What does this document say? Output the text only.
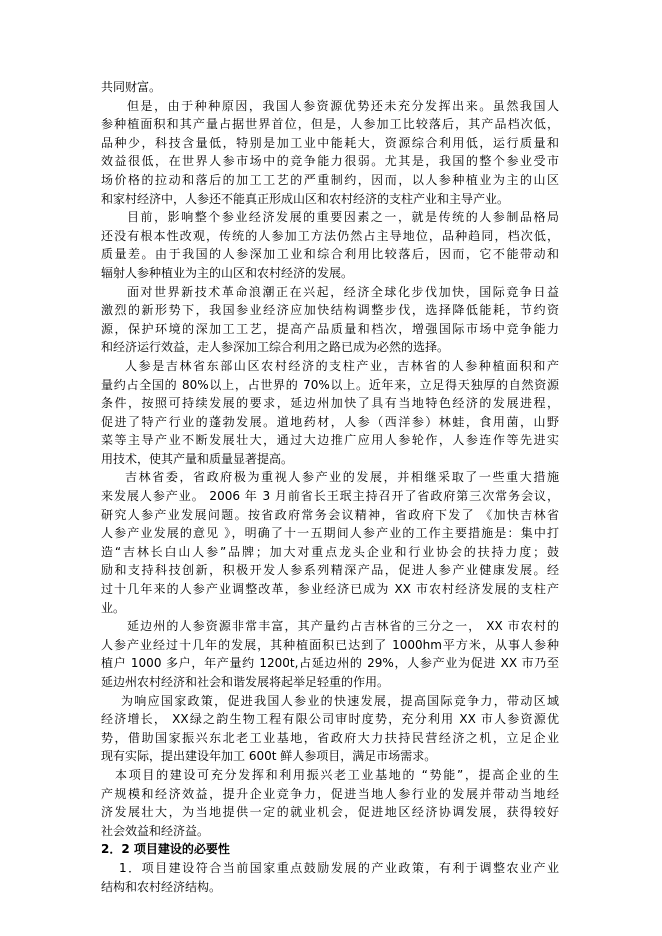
共同财富。
但是，由于种种原因，我国人参资源优势还未充分发挥出来。虽然我国人
参种植面积和其产量占据世界首位，但是，人参加工比较落后，其产品档次低，
品种少，科技含量低，特别是加工业中能耗大，资源综合利用低，运行质量和
效益很低，在世界人参市场中的竞争能力很弱。尤其是，我国的整个参业受市
场价格的拉动和落后的加工工艺的严重制约，因而，以人参种植业为主的山区
和家村经济中，人参还不能真正形成山区和农村经济的支柱产业和主导产业。
目前，影响整个参业经济发展的重要因素之一，就是传统的人参制品格局
还没有根本性改观，传统的人参加工方法仍然占主导地位，品种趋同，档次低，
质量差。由于我国的人参深加工业和综合利用比较落后，因而，它不能带动和
辐射人参种植业为主的山区和农村经济的发展。
面对世界新技术革命浪潮正在兴起，经济全球化步伐加快，国际竞争日益
激烈的新形势下，我国参业经济应加快结构调整步伐，选择降低能耗，节约资
源，保护环境的深加工工艺，提高产品质量和档次，增强国际市场中竞争能力
和经济运行效益，走人参深加工综合利用之路已成为必然的选择。
人参是吉林省东部山区农村经济的支柱产业，吉林省的人参种植面积和产
量约占全国的 80%以上，占世界的 70%以上。近年来，立足得天独厚的自然资源
条件，按照可持续发展的要求，延边州加快了具有当地特色经济的发展进程，
促进了特产行业的蓬勃发展。道地药材，人参（西洋参）林蛙，食用菌，山野
菜等主导产业不断发展壮大，通过大边推广应用人参轮作，人参连作等先进实
用技术，使其产量和质量显著提高。
吉林省委，省政府极为重视人参产业的发展，并相继采取了一些重大措施
来发展人参产业。 2006 年 3 月前省长王珉主持召开了省政府第三次常务会议，
研究人参产业发展问题。按省政府常务会议精神，省政府下发了 《加快吉林省
人参产业发展的意见 》，明确了十一五期间人参产业的工作主要措施是：集中打
造“吉林长白山人参”品牌；加大对重点龙头企业和行业协会的扶持力度；鼓
励和支持科技创新，积极开发人参系列精深产品，促进人参产业健康发展。经
过十几年来的人参产业调整改革，参业经济已成为 XX 市农村经济发展的支柱产
业。
延边州的人参资源非常丰富，其产量约占吉林省的三分之一， XX 市农村的
人参产业经过十几年的发展，其种植面积已达到了 1000hm平方米，从事人参种
植户 1000 多户，年产量约 1200t,占延边州的 29%，人参产业为促进 XX 市乃至
延边州农村经济和社会和谐发展将起举足轻重的作用。
为响应国家政策，促进我国人参业的快速发展，提高国际竞争力，带动区域
经济增长， XX绿之韵生物工程有限公司审时度势，充分利用 XX 市人参资源优
势，借助国家振兴东北老工业基地，省政府大力扶持民营经济之机，立足企业
现有实际，提出建设年加工 600t 鲜人参项目，满足市场需求。
本项目的建设可充分发挥和利用振兴老工业基地的 “势能”，提高企业的生
产规模和经济效益，提升企业竞争力，促进当地人参行业的发展并带动当地经
济发展壮大，为当地提供一定的就业机会，促进地区经济协调发展，获得较好
社会效益和经济益。
2．2 项目建设的必要性
1．项目建设符合当前国家重点鼓励发展的产业政策，有利于调整农业产业
结构和农村经济结构。
